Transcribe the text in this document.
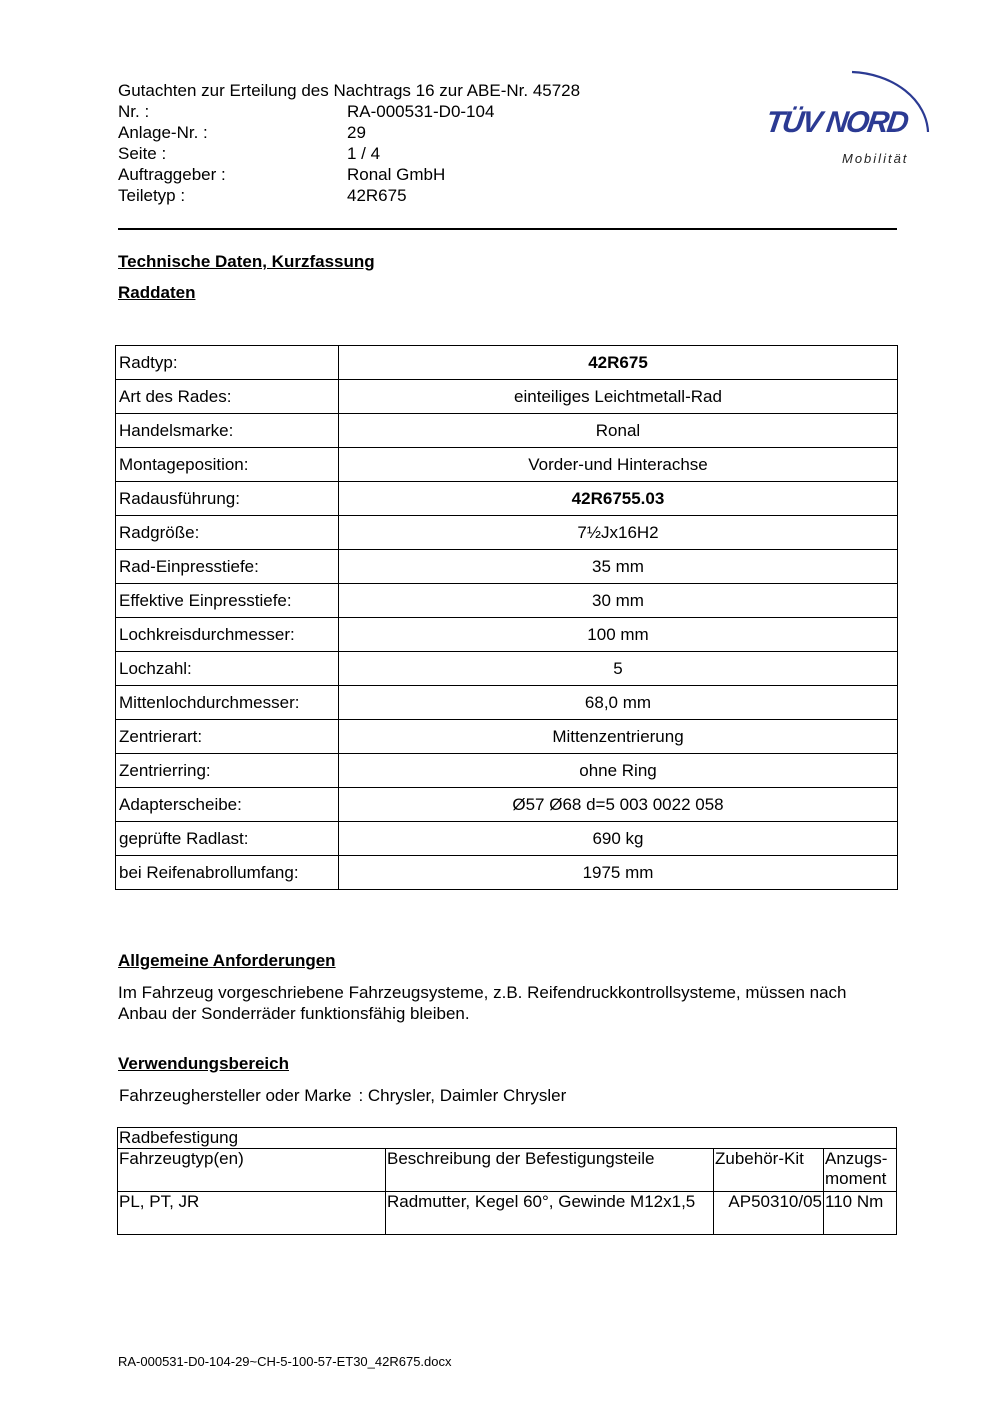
Gutachten zur Erteilung des Nachtrags 16 zur ABE-Nr. 45728
Nr. :	RA-000531-D0-104
Anlage-Nr. :	29
Seite :	1 / 4
Auftraggeber :	Ronal GmbH
Teiletyp :	42R675
TÜV NORD
Mobilität
Technische Daten, Kurzfassung
Raddaten
Radtyp:	42R675
Art des Rades:	einteiliges Leichtmetall-Rad
Handelsmarke:	Ronal
Montageposition:	Vorder-und Hinterachse
Radausführung:	42R6755.03
Radgröße:	7½Jx16H2
Rad-Einpresstiefe:	35 mm
Effektive Einpresstiefe:	30 mm
Lochkreisdurchmesser:	100 mm
Lochzahl:	5
Mittenlochdurchmesser:	68,0 mm
Zentrierart:	Mittenzentrierung
Zentrierring:	ohne Ring
Adapterscheibe:	Ø57 Ø68 d=5 003 0022 058
geprüfte Radlast:	690 kg
bei Reifenabrollumfang:	1975 mm
Allgemeine Anforderungen
Im Fahrzeug vorgeschriebene Fahrzeugsysteme, z.B. Reifendruckkontrollsysteme, müssen nach Anbau der Sonderräder funktionsfähig bleiben.
Verwendungsbereich
Fahrzeughersteller oder Marke : Chrysler, Daimler Chrysler
Radbefestigung			
Fahrzeugtyp(en)	Beschreibung der Befestigungsteile	Zubehör-Kit	Anzugs-moment
PL, PT, JR	Radmutter, Kegel 60°, Gewinde M12x1,5	AP50310/05	110 Nm
RA-000531-D0-104-29~CH-5-100-57-ET30_42R675.docx
